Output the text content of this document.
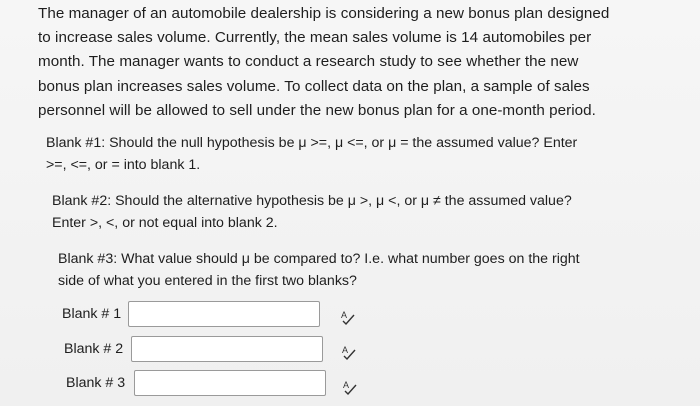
The manager of an automobile dealership is considering a new bonus plan designed
to increase sales volume. Currently, the mean sales volume is 14 automobiles per
month. The manager wants to conduct a research study to see whether the new
bonus plan increases sales volume. To collect data on the plan, a sample of sales
personnel will be allowed to sell under the new bonus plan for a one-month period.
Blank #1: Should the null hypothesis be μ >=, μ <=, or μ = the assumed value? Enter
>=, <=, or = into blank 1.
Blank #2: Should the alternative hypothesis be μ >, μ <, or μ ≠ the assumed value?
Enter >, <, or not equal into blank 2.
Blank #3: What value should μ be compared to? I.e. what number goes on the right
side of what you entered in the first two blanks?
Blank # 1	A
Blank # 2	A
Blank # 3	A
